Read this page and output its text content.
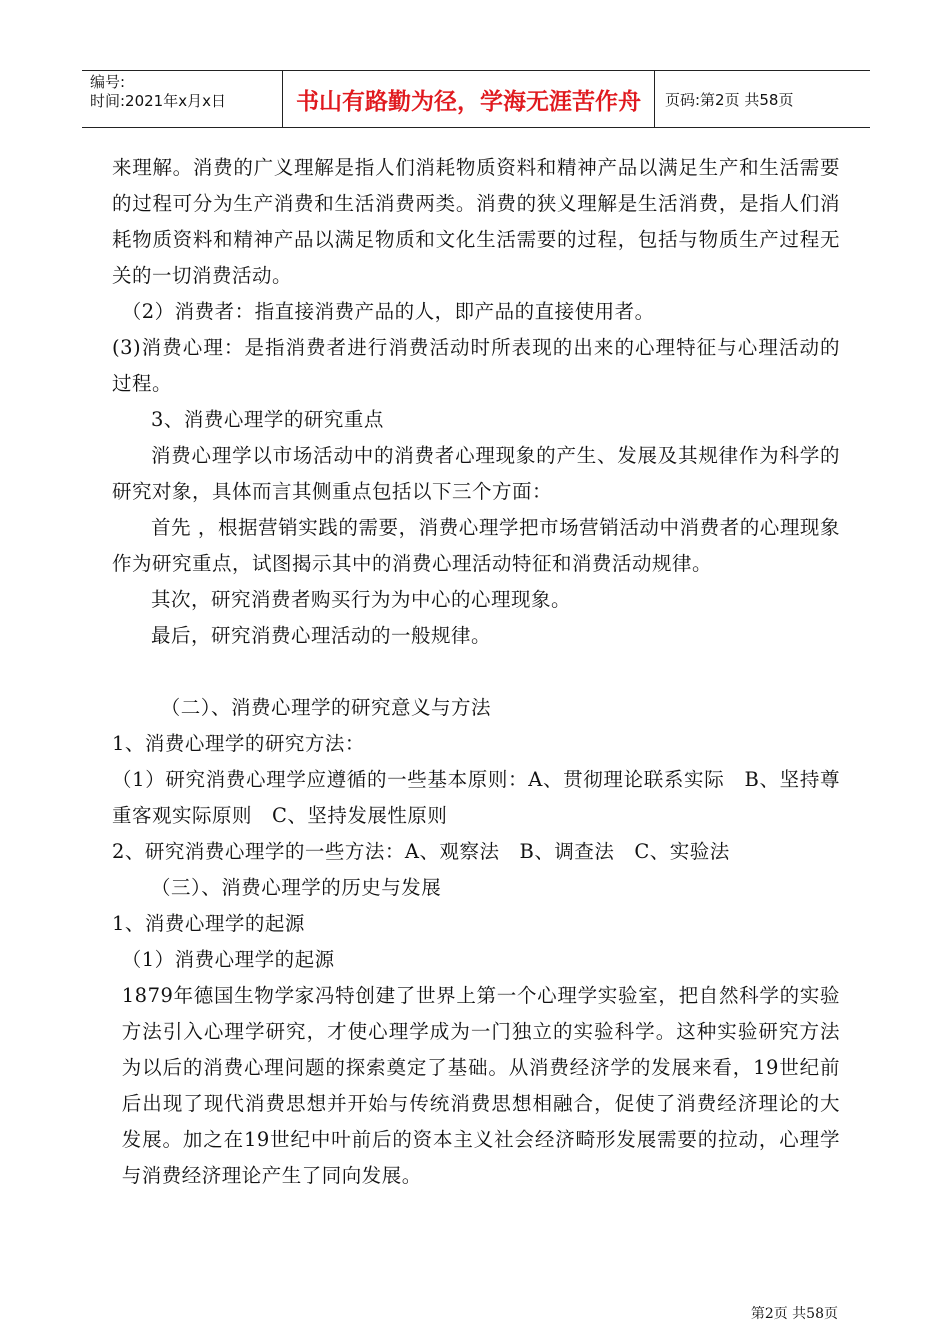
编号:
时间:2021年x月x日	书山有路勤为径，学海无涯苦作舟	页码:第2页 共58页

来理解。消费的广义理解是指人们消耗物质资料和精神产品以满足生产和生活需要的过程可分为生产消费和生活消费两类。消费的狭义理解是生活消费，是指人们消耗物质资料和精神产品以满足物质和文化生活需要的过程，包括与物质生产过程无关的一切消费活动。

（2）消费者：指直接消费产品的人，即产品的直接使用者。

(3)消费心理：是指消费者进行消费活动时所表现的出来的心理特征与心理活动的过程。

3、消费心理学的研究重点

消费心理学以市场活动中的消费者心理现象的产生、发展及其规律作为科学的研究对象，具体而言其侧重点包括以下三个方面：

首先 ，根据营销实践的需要，消费心理学把市场营销活动中消费者的心理现象作为研究重点，试图揭示其中的消费心理活动特征和消费活动规律。

其次，研究消费者购买行为为中心的心理现象。

最后，研究消费心理活动的一般规律。

（二）、消费心理学的研究意义与方法

1、消费心理学的研究方法：

（1）研究消费心理学应遵循的一些基本原则：A、贯彻理论联系实际　B、坚持尊重客观实际原则　C、坚持发展性原则

2、研究消费心理学的一些方法：A、观察法　B、调查法　C、实验法

（三）、消费心理学的历史与发展

1、消费心理学的起源

（1）消费心理学的起源

1879年德国生物学家冯特创建了世界上第一个心理学实验室，把自然科学的实验方法引入心理学研究，才使心理学成为一门独立的实验科学。这种实验研究方法为以后的消费心理问题的探索奠定了基础。从消费经济学的发展来看，19世纪前后出现了现代消费思想并开始与传统消费思想相融合，促使了消费经济理论的大发展。加之在19世纪中叶前后的资本主义社会经济畸形发展需要的拉动，心理学与消费经济理论产生了同向发展。

第2页 共58页
